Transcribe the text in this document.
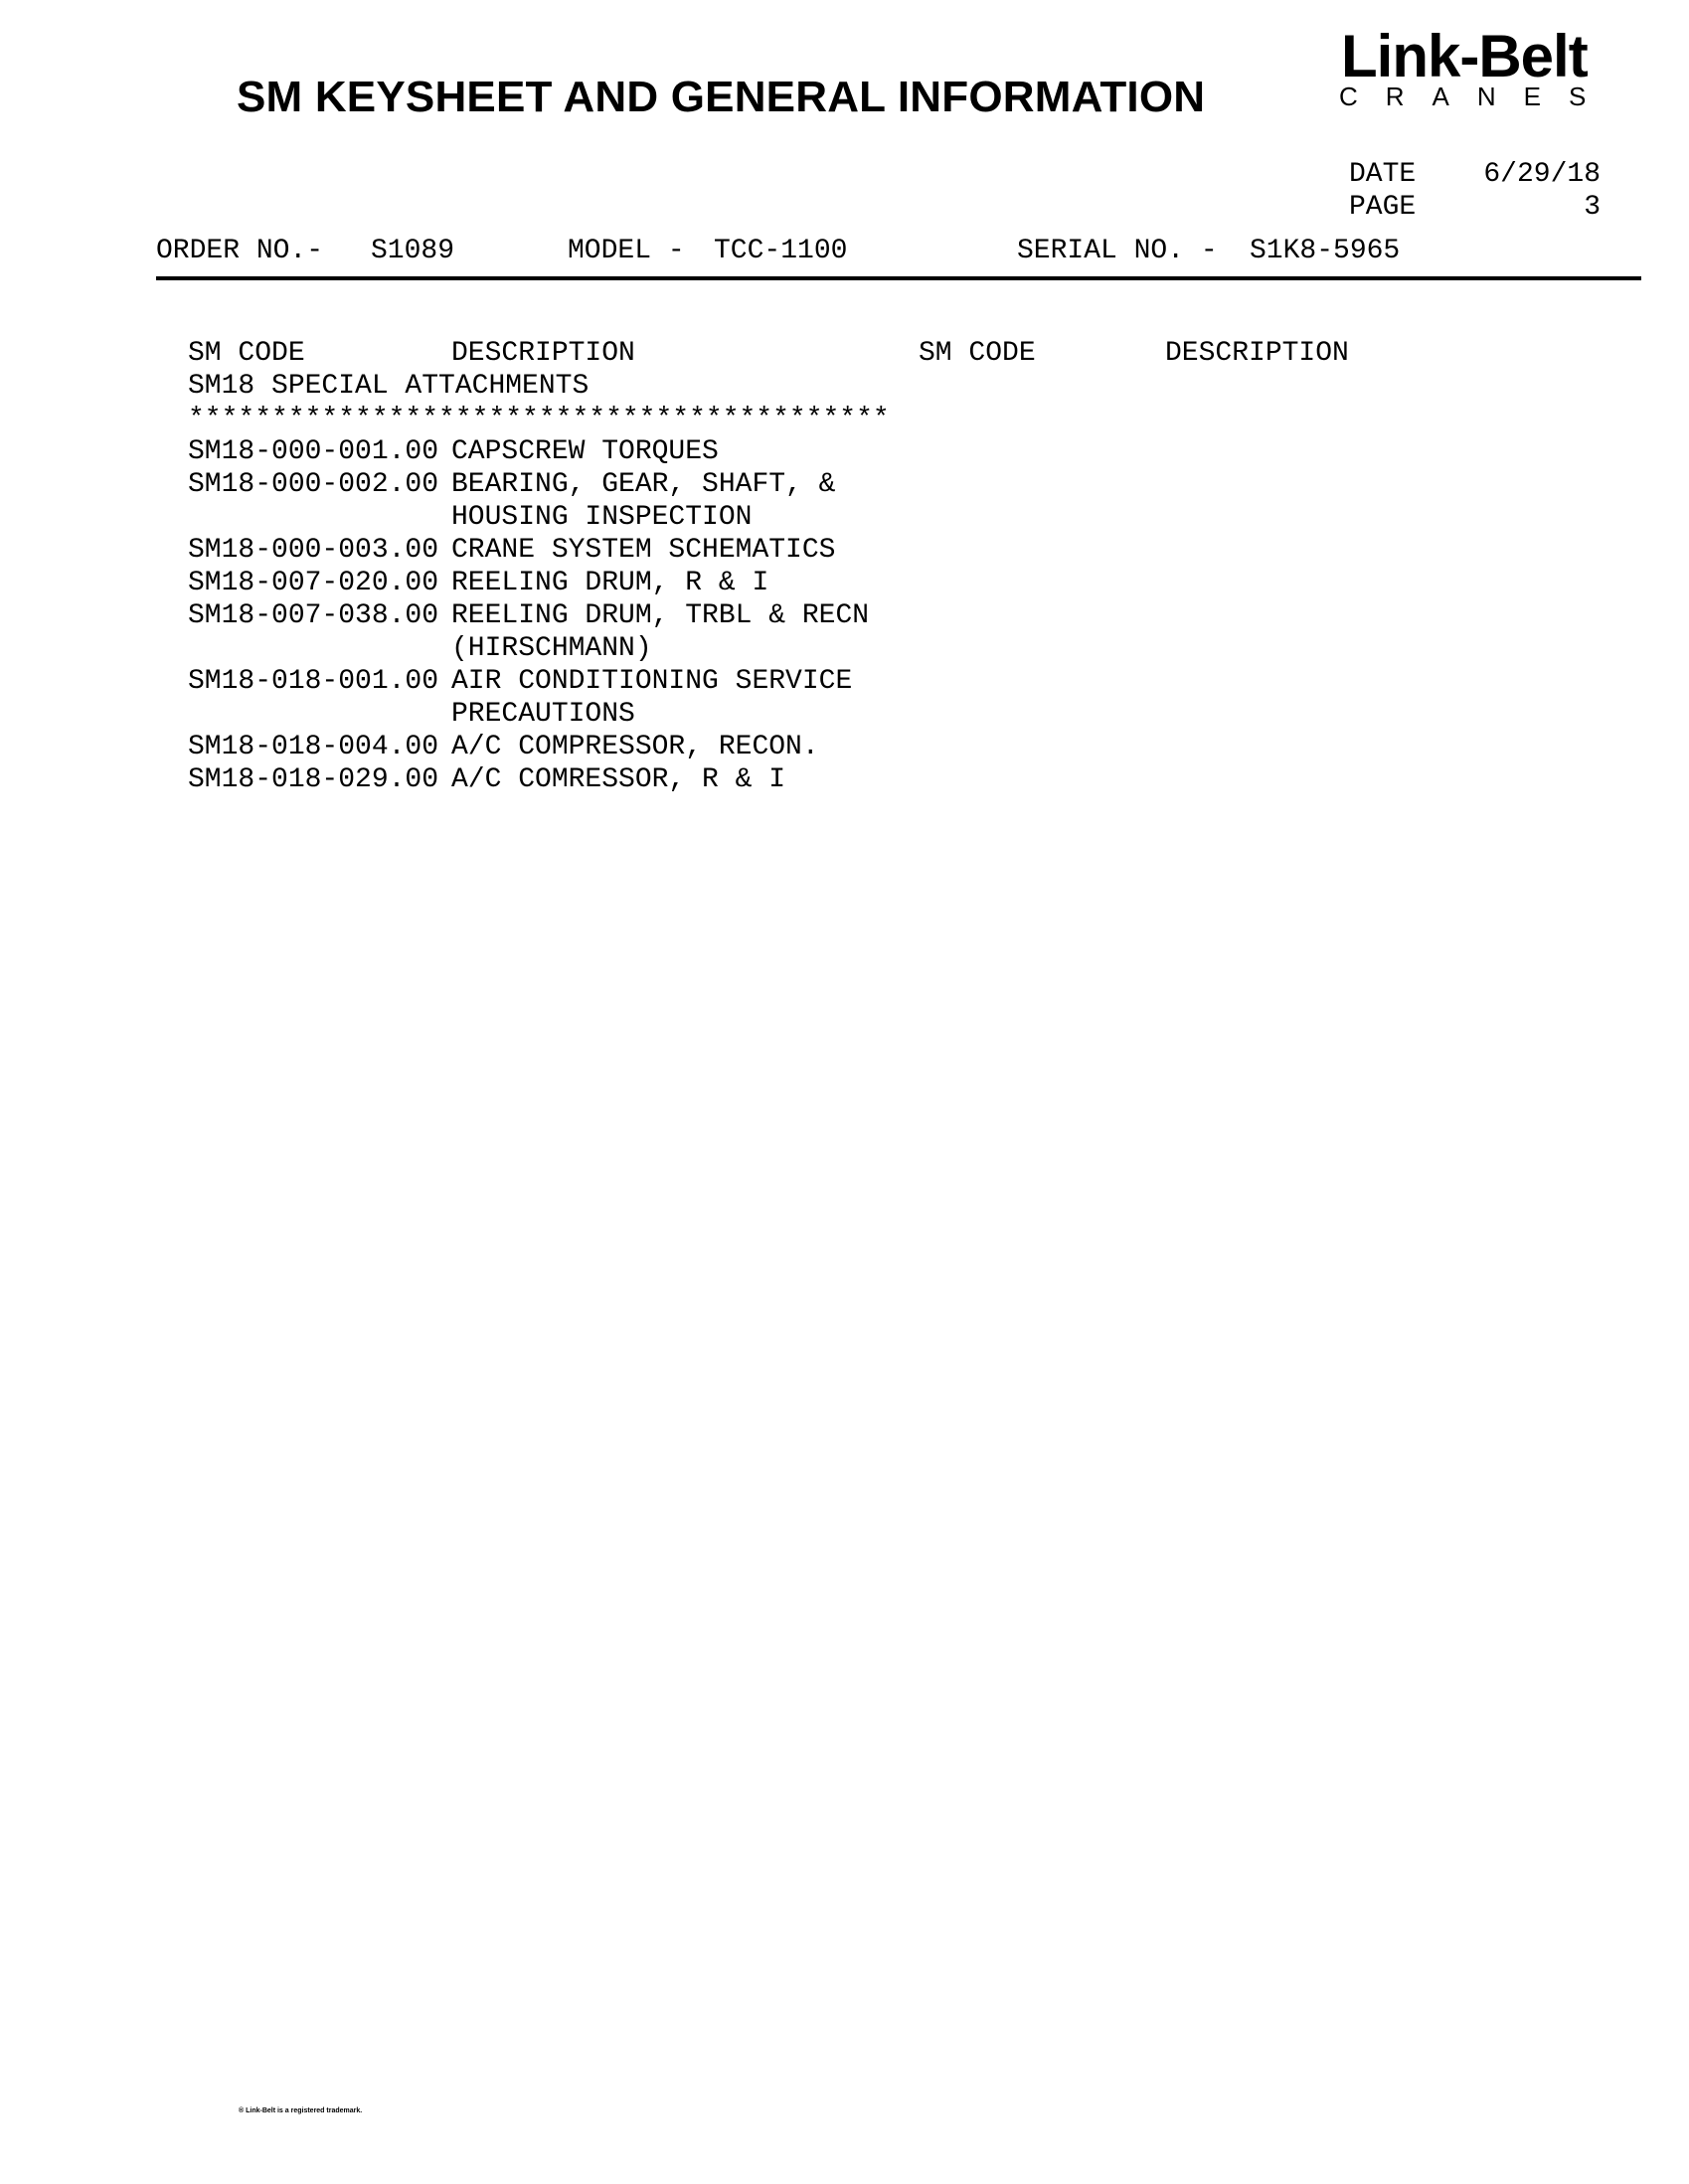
SM KEYSHEET AND GENERAL INFORMATION
Link-Belt
CRANES
DATE	6/29/18
PAGE	3
ORDER NO.- S1089	MODEL - TCC-1100	SERIAL NO. - S1K8-5965
SM CODE	DESCRIPTION	SM CODE	DESCRIPTION
SM18 SPECIAL ATTACHMENTS
******************************************
SM18-000-001.00 CAPSCREW TORQUES
SM18-000-002.00 BEARING, GEAR, SHAFT, &
HOUSING INSPECTION
SM18-000-003.00 CRANE SYSTEM SCHEMATICS
SM18-007-020.00 REELING DRUM, R & I
SM18-007-038.00 REELING DRUM, TRBL & RECN
(HIRSCHMANN)
SM18-018-001.00 AIR CONDITIONING SERVICE
PRECAUTIONS
SM18-018-004.00 A/C COMPRESSOR, RECON.
SM18-018-029.00 A/C COMRESSOR, R & I
® Link-Belt is a registered trademark.
